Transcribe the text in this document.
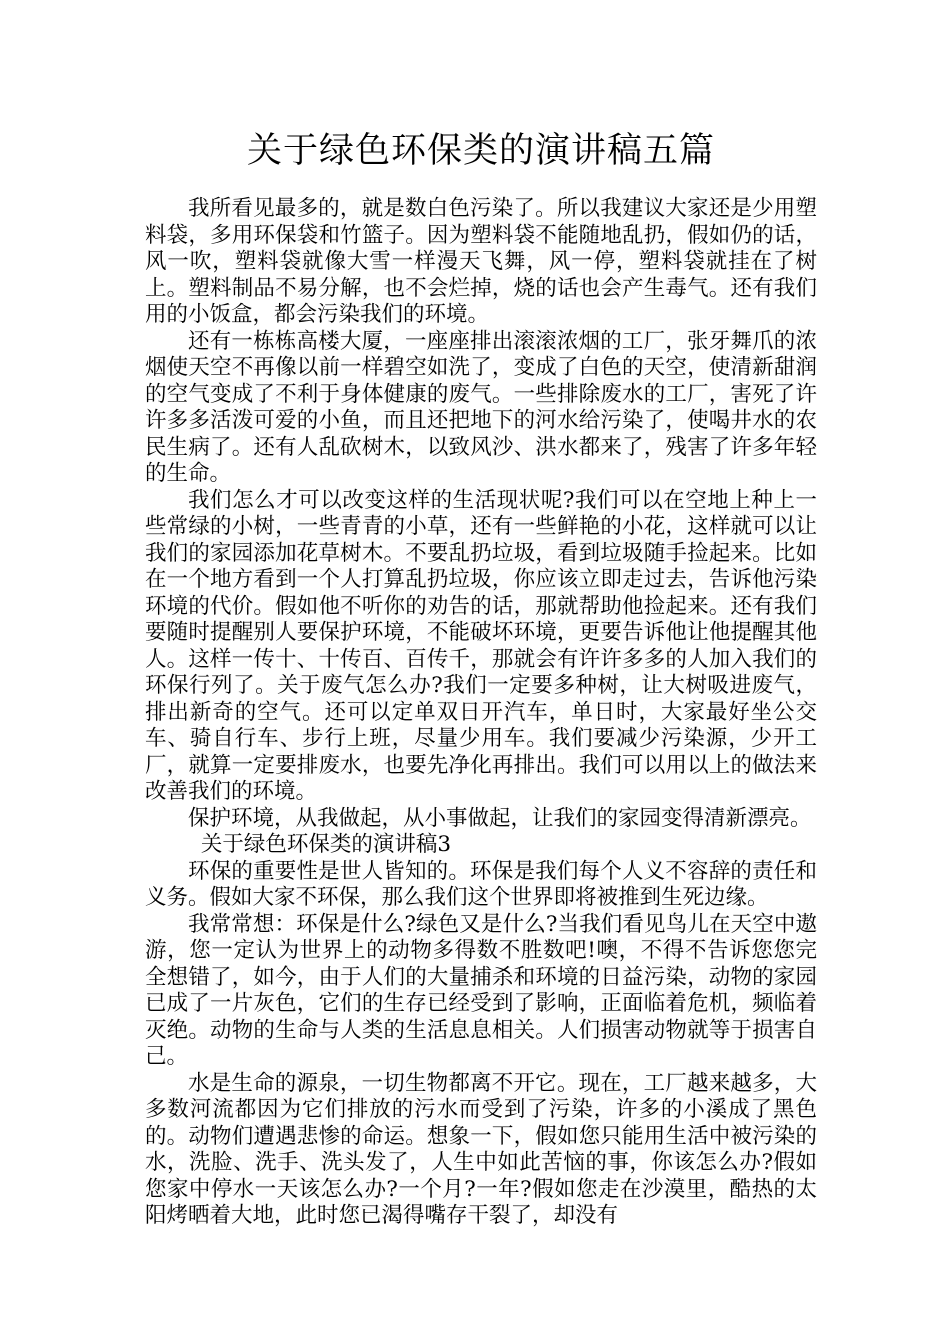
关于绿色环保类的演讲稿五篇

我所看见最多的，就是数白色污染了。所以我建议大家还是少用塑料袋，多用环保袋和竹篮子。因为塑料袋不能随地乱扔，假如仍的话，风一吹，塑料袋就像大雪一样漫天飞舞，风一停，塑料袋就挂在了树上。塑料制品不易分解，也不会烂掉，烧的话也会产生毒气。还有我们用的小饭盒，都会污染我们的环境。

还有一栋栋高楼大厦，一座座排出滚滚浓烟的工厂，张牙舞爪的浓烟使天空不再像以前一样碧空如洗了，变成了白色的天空，使清新甜润的空气变成了不利于身体健康的废气。一些排除废水的工厂，害死了许许多多活泼可爱的小鱼，而且还把地下的河水给污染了，使喝井水的农民生病了。还有人乱砍树木，以致风沙、洪水都来了，残害了许多年轻的生命。

我们怎么才可以改变这样的生活现状呢?我们可以在空地上种上一些常绿的小树，一些青青的小草，还有一些鲜艳的小花，这样就可以让我们的家园添加花草树木。不要乱扔垃圾，看到垃圾随手捡起来。比如在一个地方看到一个人打算乱扔垃圾，你应该立即走过去，告诉他污染环境的代价。假如他不听你的劝告的话，那就帮助他捡起来。还有我们要随时提醒别人要保护环境，不能破坏环境，更要告诉他让他提醒其他人。这样一传十、十传百、百传千，那就会有许许多多的人加入我们的环保行列了。关于废气怎么办?我们一定要多种树，让大树吸进废气，排出新奇的空气。还可以定单双日开汽车，单日时，大家最好坐公交车、骑自行车、步行上班，尽量少用车。我们要减少污染源，少开工厂，就算一定要排废水，也要先净化再排出。我们可以用以上的做法来改善我们的环境。

保护环境，从我做起，从小事做起，让我们的家园变得清新漂亮。

关于绿色环保类的演讲稿3

环保的重要性是世人皆知的。环保是我们每个人义不容辞的责任和义务。假如大家不环保，那么我们这个世界即将被推到生死边缘。

我常常想：环保是什么?绿色又是什么?当我们看见鸟儿在天空中遨游，您一定认为世界上的动物多得数不胜数吧!噢，不得不告诉您您完全想错了，如今，由于人们的大量捕杀和环境的日益污染，动物的家园已成了一片灰色，它们的生存已经受到了影响，正面临着危机，频临着灭绝。动物的生命与人类的生活息息相关。人们损害动物就等于损害自己。

水是生命的源泉，一切生物都离不开它。现在，工厂越来越多，大多数河流都因为它们排放的污水而受到了污染，许多的小溪成了黑色的。动物们遭遇悲惨的命运。想象一下，假如您只能用生活中被污染的水，洗脸、洗手、洗头发了，人生中如此苦恼的事，你该怎么办?假如您家中停水一天该怎么办?一个月?一年?假如您走在沙漠里，酷热的太阳烤晒着大地，此时您已渴得嘴存干裂了，却没有
